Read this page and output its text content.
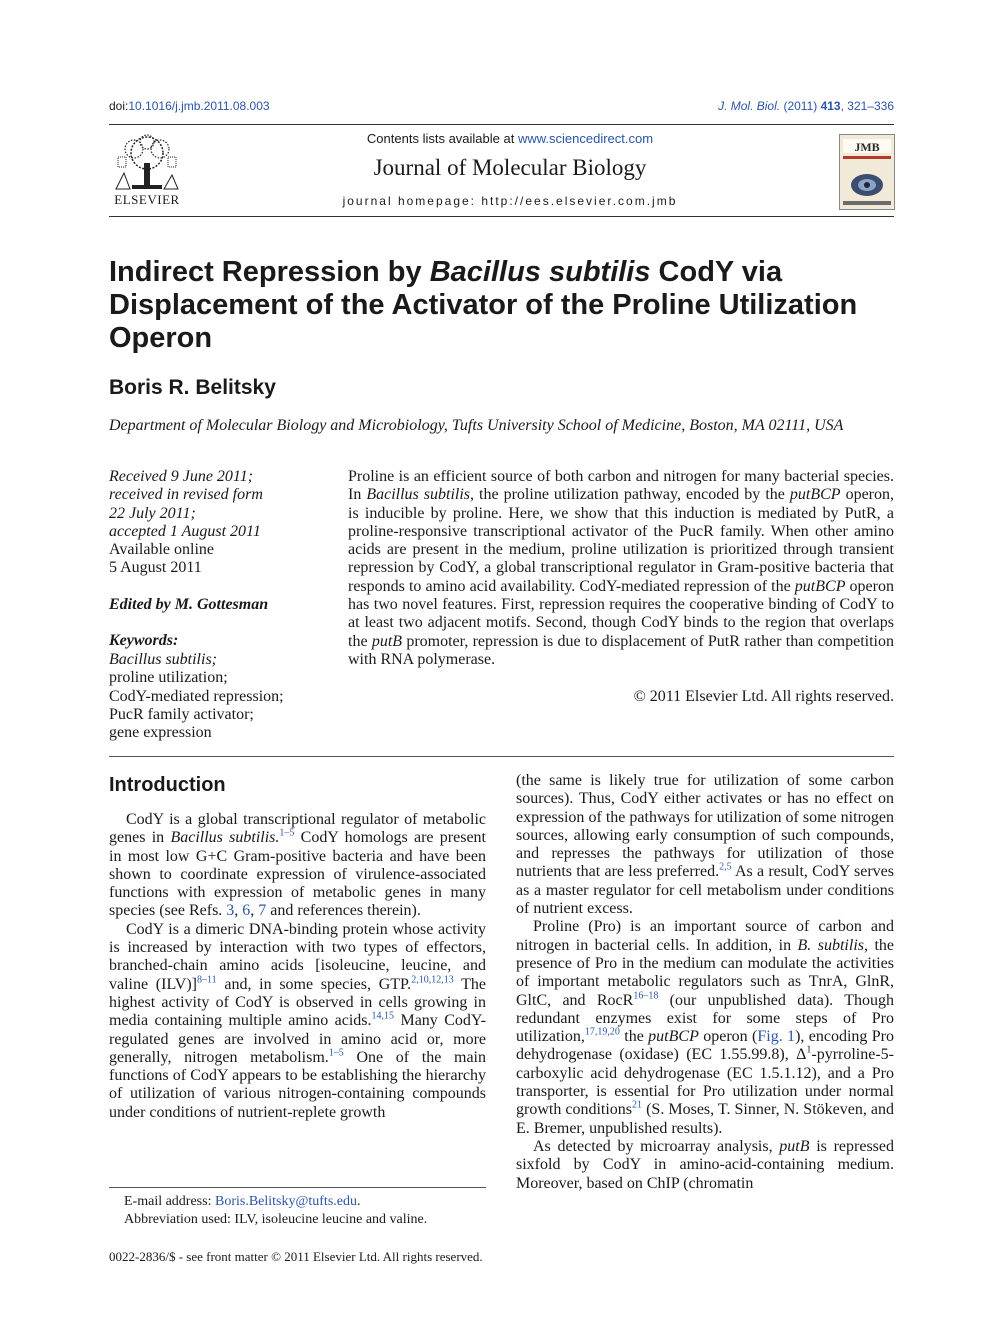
doi:10.1016/j.jmb.2011.08.003	J. Mol. Biol. (2011) 413, 321–336
ELSEVIER
Contents lists available at www.sciencedirect.com
Journal of Molecular Biology
journal homepage: http://ees.elsevier.com.jmb
JMB
Indirect Repression by Bacillus subtilis CodY via Displacement of the Activator of the Proline Utilization Operon
Boris R. Belitsky
Department of Molecular Biology and Microbiology, Tufts University School of Medicine, Boston, MA 02111, USA
Received 9 June 2011;
received in revised form
22 July 2011;
accepted 1 August 2011
Available online
5 August 2011
Edited by M. Gottesman
Keywords:
Bacillus subtilis;
proline utilization;
CodY-mediated repression;
PucR family activator;
gene expression
Proline is an efficient source of both carbon and nitrogen for many bacterial species. In Bacillus subtilis, the proline utilization pathway, encoded by the putBCP operon, is inducible by proline. Here, we show that this induction is mediated by PutR, a proline-responsive transcriptional activator of the PucR family. When other amino acids are present in the medium, proline utilization is prioritized through transient repression by CodY, a global transcriptional regulator in Gram-positive bacteria that responds to amino acid availability. CodY-mediated repression of the putBCP operon has two novel features. First, repression requires the cooperative binding of CodY to at least two adjacent motifs. Second, though CodY binds to the region that overlaps the putB promoter, repression is due to displacement of PutR rather than competition with RNA polymerase.
© 2011 Elsevier Ltd. All rights reserved.
Introduction

CodY is a global transcriptional regulator of metabolic genes in Bacillus subtilis.$^{1-5}$ CodY homologs are present in most low G+C Gram-positive bacteria and have been shown to coordinate expression of virulence-associated functions with expression of metabolic genes in many species (see Refs. 3, 6, 7 and references therein).

CodY is a dimeric DNA-binding protein whose activity is increased by interaction with two types of effectors, branched-chain amino acids [isoleucine, leucine, and valine (ILV)]$^{8-11}$ and, in some species, GTP.$^{2,10,12,13}$ The highest activity of CodY is observed in cells growing in media containing multiple amino acids.$^{14,15}$ Many CodY-regulated genes are involved in amino acid or, more generally, nitrogen metabolism.$^{1-5}$ One of the main functions of CodY appears to be establishing the hierarchy of utilization of various nitrogen-containing compounds under conditions of nutrient-replete growth

(the same is likely true for utilization of some carbon sources). Thus, CodY either activates or has no effect on expression of the pathways for utilization of some nitrogen sources, allowing early consumption of such compounds, and represses the pathways for utilization of those nutrients that are less preferred.$^{2,5}$ As a result, CodY serves as a master regulator for cell metabolism under conditions of nutrient excess.

Proline (Pro) is an important source of carbon and nitrogen in bacterial cells. In addition, in B. subtilis, the presence of Pro in the medium can modulate the activities of important metabolic regulators such as TnrA, GlnR, GltC, and RocR$^{16-18}$ (our unpublished data). Though redundant enzymes exist for some steps of Pro utilization,$^{17,19,20}$ the putBCP operon (Fig. 1), encoding Pro dehydrogenase (oxidase) (EC 1.55.99.8), $\Delta^1-pyrroline-5$-carboxylic acid dehydrogenase (EC 1.5.1.12), and a Pro transporter, is essential for Pro utilization under normal growth conditions$^{21}$ (S. Moses, T. Sinner, N. Stökeven, and E. Bremer, unpublished results).

As detected by microarray analysis, putB is repressed sixfold by CodY in amino-acid-containing medium. Moreover, based on ChIP (chromatin

E-mail address: Boris.Belitsky@tufts.edu.
Abbreviation used: ILV, isoleucine leucine and valine.
0022-2836/$ - see front matter © 2011 Elsevier Ltd. All rights reserved.
